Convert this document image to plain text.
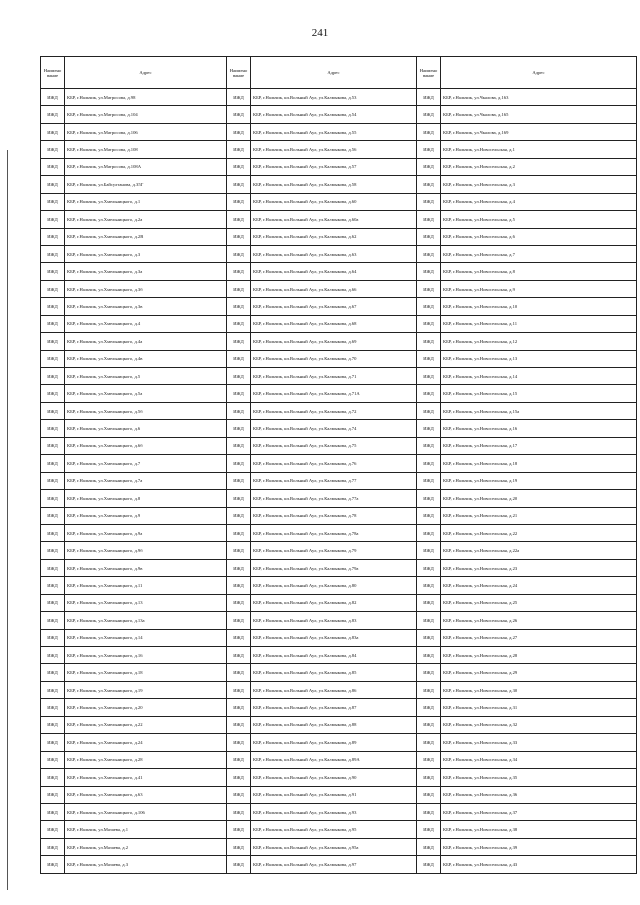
241
Наименование	Адрес	Наименование	Адрес	Наименование	Адрес
ИЖД	КБР, г.Нальчик, ул.Матросова, д.98	ИЖД	КБР, г.Нальчик, кп.Вольный Аул, ул.Калмыкова, д.53	ИЖД	КБР, г.Нальчик, ул.Чкалова, д.163
ИЖД	КБР, г.Нальчик, ул.Матросова, д.104	ИЖД	КБР, г.Нальчик, кп.Вольный Аул, ул.Калмыкова, д.54	ИЖД	КБР, г.Нальчик, ул.Чкалова, д.165
ИЖД	КБР, г.Нальчик, ул.Матросова, д.106	ИЖД	КБР, г.Нальчик, кп.Вольный Аул, ул.Калмыкова, д.55	ИЖД	КБР, г.Нальчик, ул.Чкалова, д.169
ИЖД	КБР, г.Нальчик, ул.Матросова, д.108	ИЖД	КБР, г.Нальчик, кп.Вольный Аул, ул.Калмыкова, д.56	ИЖД	КБР, г.Нальчик, ул.Новосельская, д.1
ИЖД	КБР, г.Нальчик, ул.Матросова, д.108А	ИЖД	КБР, г.Нальчик, кп.Вольный Аул, ул.Калмыкова, д.57	ИЖД	КБР, г.Нальчик, ул.Новосельская, д.2
ИЖД	КБР, г.Нальчик, ул.Байсултанова, д.35Г	ИЖД	КБР, г.Нальчик, кп.Вольный Аул, ул.Калмыкова, д.58	ИЖД	КБР, г.Нальчик, ул.Новосельская, д.3
ИЖД	КБР, г.Нальчик, ул.Хмельницкого, д.1	ИЖД	КБР, г.Нальчик, кп.Вольный Аул, ул.Калмыкова, д.60	ИЖД	КБР, г.Нальчик, ул.Новосельская, д.4
ИЖД	КБР, г.Нальчик, ул.Хмельницкого, д.2а	ИЖД	КБР, г.Нальчик, кп.Вольный Аул, ул.Калмыкова, д.60а	ИЖД	КБР, г.Нальчик, ул.Новосельская, д.5
ИЖД	КБР, г.Нальчик, ул.Хмельницкого, д.2В	ИЖД	КБР, г.Нальчик, кп.Вольный Аул, ул.Калмыкова, д.62	ИЖД	КБР, г.Нальчик, ул.Новосельская, д.6
ИЖД	КБР, г.Нальчик, ул.Хмельницкого, д.3	ИЖД	КБР, г.Нальчик, кп.Вольный Аул, ул.Калмыкова, д.63	ИЖД	КБР, г.Нальчик, ул.Новосельская, д.7
ИЖД	КБР, г.Нальчик, ул.Хмельницкого, д.3а	ИЖД	КБР, г.Нальчик, кп.Вольный Аул, ул.Калмыкова, д.64	ИЖД	КБР, г.Нальчик, ул.Новосельская, д.8
ИЖД	КБР, г.Нальчик, ул.Хмельницкого, д.3б	ИЖД	КБР, г.Нальчик, кп.Вольный Аул, ул.Калмыкова, д.66	ИЖД	КБР, г.Нальчик, ул.Новосельская, д.9
ИЖД	КБР, г.Нальчик, ул.Хмельницкого, д.3в	ИЖД	КБР, г.Нальчик, кп.Вольный Аул, ул.Калмыкова, д.67	ИЖД	КБР, г.Нальчик, ул.Новосельская, д.10
ИЖД	КБР, г.Нальчик, ул.Хмельницкого, д.4	ИЖД	КБР, г.Нальчик, кп.Вольный Аул, ул.Калмыкова, д.68	ИЖД	КБР, г.Нальчик, ул.Новосельская, д.11
ИЖД	КБР, г.Нальчик, ул.Хмельницкого, д.4а	ИЖД	КБР, г.Нальчик, кп.Вольный Аул, ул.Калмыкова, д.69	ИЖД	КБР, г.Нальчик, ул.Новосельская, д.12
ИЖД	КБР, г.Нальчик, ул.Хмельницкого, д.4в	ИЖД	КБР, г.Нальчик, кп.Вольный Аул, ул.Калмыкова, д.70	ИЖД	КБР, г.Нальчик, ул.Новосельская, д.13
ИЖД	КБР, г.Нальчик, ул.Хмельницкого, д.5	ИЖД	КБР, г.Нальчик, кп.Вольный Аул, ул.Калмыкова, д.71	ИЖД	КБР, г.Нальчик, ул.Новосельская, д.14
ИЖД	КБР, г.Нальчик, ул.Хмельницкого, д.5а	ИЖД	КБР, г.Нальчик, кп.Вольный Аул, ул.Калмыкова, д.71А	ИЖД	КБР, г.Нальчик, ул.Новосельская, д.15
ИЖД	КБР, г.Нальчик, ул.Хмельницкого, д.5б	ИЖД	КБР, г.Нальчик, кп.Вольный Аул, ул.Калмыкова, д.72	ИЖД	КБР, г.Нальчик, ул.Новосельская, д.15а
ИЖД	КБР, г.Нальчик, ул.Хмельницкого, д.6	ИЖД	КБР, г.Нальчик, кп.Вольный Аул, ул.Калмыкова, д.74	ИЖД	КБР, г.Нальчик, ул.Новосельская, д.16
ИЖД	КБР, г.Нальчик, ул.Хмельницкого, д.6б	ИЖД	КБР, г.Нальчик, кп.Вольный Аул, ул.Калмыкова, д.75	ИЖД	КБР, г.Нальчик, ул.Новосельская, д.17
ИЖД	КБР, г.Нальчик, ул.Хмельницкого, д.7	ИЖД	КБР, г.Нальчик, кп.Вольный Аул, ул.Калмыкова, д.76	ИЖД	КБР, г.Нальчик, ул.Новосельская, д.18
ИЖД	КБР, г.Нальчик, ул.Хмельницкого, д.7а	ИЖД	КБР, г.Нальчик, кп.Вольный Аул, ул.Калмыкова, д.77	ИЖД	КБР, г.Нальчик, ул.Новосельская, д.19
ИЖД	КБР, г.Нальчик, ул.Хмельницкого, д.8	ИЖД	КБР, г.Нальчик, кп.Вольный Аул, ул.Калмыкова, д.77а	ИЖД	КБР, г.Нальчик, ул.Новосельская, д.20
ИЖД	КБР, г.Нальчик, ул.Хмельницкого, д.9	ИЖД	КБР, г.Нальчик, кп.Вольный Аул, ул.Калмыкова, д.78	ИЖД	КБР, г.Нальчик, ул.Новосельская, д.21
ИЖД	КБР, г.Нальчик, ул.Хмельницкого, д.9а	ИЖД	КБР, г.Нальчик, кп.Вольный Аул, ул.Калмыкова, д.78а	ИЖД	КБР, г.Нальчик, ул.Новосельская, д.22
ИЖД	КБР, г.Нальчик, ул.Хмельницкого, д.9б	ИЖД	КБР, г.Нальчик, кп.Вольный Аул, ул.Калмыкова, д.79	ИЖД	КБР, г.Нальчик, ул.Новосельская, д.22а
ИЖД	КБР, г.Нальчик, ул.Хмельницкого, д.9в	ИЖД	КБР, г.Нальчик, кп.Вольный Аул, ул.Калмыкова, д.79а	ИЖД	КБР, г.Нальчик, ул.Новосельская, д.23
ИЖД	КБР, г.Нальчик, ул.Хмельницкого, д.11	ИЖД	КБР, г.Нальчик, кп.Вольный Аул, ул.Калмыкова, д.80	ИЖД	КБР, г.Нальчик, ул.Новосельская, д.24
ИЖД	КБР, г.Нальчик, ул.Хмельницкого, д.13	ИЖД	КБР, г.Нальчик, кп.Вольный Аул, ул.Калмыкова, д.82	ИЖД	КБР, г.Нальчик, ул.Новосельская, д.25
ИЖД	КБР, г.Нальчик, ул.Хмельницкого, д.13а	ИЖД	КБР, г.Нальчик, кп.Вольный Аул, ул.Калмыкова, д.83	ИЖД	КБР, г.Нальчик, ул.Новосельская, д.26
ИЖД	КБР, г.Нальчик, ул.Хмельницкого, д.14	ИЖД	КБР, г.Нальчик, кп.Вольный Аул, ул.Калмыкова, д.83а	ИЖД	КБР, г.Нальчик, ул.Новосельская, д.27
ИЖД	КБР, г.Нальчик, ул.Хмельницкого, д.16	ИЖД	КБР, г.Нальчик, кп.Вольный Аул, ул.Калмыкова, д.84	ИЖД	КБР, г.Нальчик, ул.Новосельская, д.28
ИЖД	КБР, г.Нальчик, ул.Хмельницкого, д.18	ИЖД	КБР, г.Нальчик, кп.Вольный Аул, ул.Калмыкова, д.85	ИЖД	КБР, г.Нальчик, ул.Новосельская, д.29
ИЖД	КБР, г.Нальчик, ул.Хмельницкого, д.19	ИЖД	КБР, г.Нальчик, кп.Вольный Аул, ул.Калмыкова, д.86	ИЖД	КБР, г.Нальчик, ул.Новосельская, д.30
ИЖД	КБР, г.Нальчик, ул.Хмельницкого, д.20	ИЖД	КБР, г.Нальчик, кп.Вольный Аул, ул.Калмыкова, д.87	ИЖД	КБР, г.Нальчик, ул.Новосельская, д.31
ИЖД	КБР, г.Нальчик, ул.Хмельницкого, д.22	ИЖД	КБР, г.Нальчик, кп.Вольный Аул, ул.Калмыкова, д.88	ИЖД	КБР, г.Нальчик, ул.Новосельская, д.32
ИЖД	КБР, г.Нальчик, ул.Хмельницкого, д.24	ИЖД	КБР, г.Нальчик, кп.Вольный Аул, ул.Калмыкова, д.89	ИЖД	КБР, г.Нальчик, ул.Новосельская, д.33
ИЖД	КБР, г.Нальчик, ул.Хмельницкого, д.28	ИЖД	КБР, г.Нальчик, кп.Вольный Аул, ул.Калмыкова, д.89А	ИЖД	КБР, г.Нальчик, ул.Новосельская, д.34
ИЖД	КБР, г.Нальчик, ул.Хмельницкого, д.41	ИЖД	КБР, г.Нальчик, кп.Вольный Аул, ул.Калмыкова, д.90	ИЖД	КБР, г.Нальчик, ул.Новосельская, д.35
ИЖД	КБР, г.Нальчик, ул.Хмельницкого, д.63	ИЖД	КБР, г.Нальчик, кп.Вольный Аул, ул.Калмыкова, д.91	ИЖД	КБР, г.Нальчик, ул.Новосельская, д.36
ИЖД	КБР, г.Нальчик, ул.Хмельницкого, д.106	ИЖД	КБР, г.Нальчик, кп.Вольный Аул, ул.Калмыкова, д.93	ИЖД	КБР, г.Нальчик, ул.Новосельская, д.37
ИЖД	КБР, г.Нальчик, ул.Мазаева, д.1	ИЖД	КБР, г.Нальчик, кп.Вольный Аул, ул.Калмыкова, д.95	ИЖД	КБР, г.Нальчик, ул.Новосельская, д.38
ИЖД	КБР, г.Нальчик, ул.Мазаева, д.2	ИЖД	КБР, г.Нальчик, кп.Вольный Аул, ул.Калмыкова, д.95а	ИЖД	КБР, г.Нальчик, ул.Новосельская, д.39
ИЖД	КБР, г.Нальчик, ул.Мазаева, д.3	ИЖД	КБР, г.Нальчик, кп.Вольный Аул, ул.Калмыкова, д.97	ИЖД	КБР, г.Нальчик, ул.Новосельская, д.43
